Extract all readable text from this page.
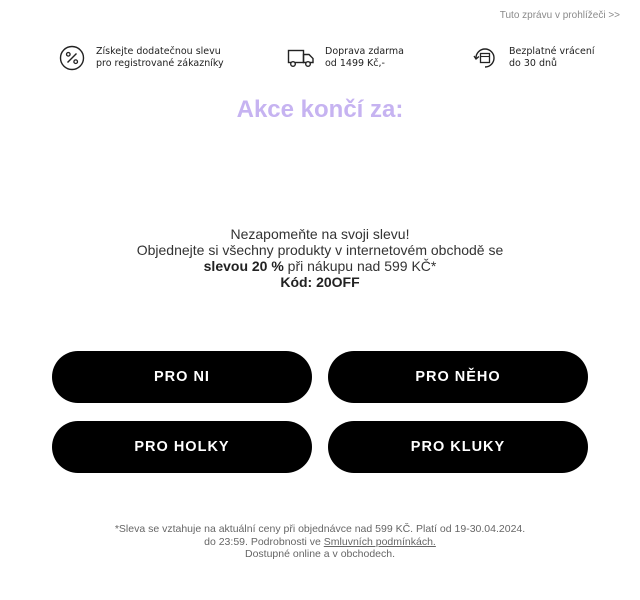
Tuto zprávu v prohlížeči >>
Získejte dodatečnou slevu
pro registrované zákazníky
Doprava zdarma
od 1499 Kč,-
Bezplatné vrácení
do 30 dnů
Akce končí za:
Nezapomeňte na svoji slevu!
Objednejte si všechny produkty v internetovém obchodě se
slevou 20 % při nákupu nad 599 KČ*
Kód: 20OFF
PRO NI	PRO NĚHO
PRO HOLKY	PRO KLUKY
*Sleva se vztahuje na aktuální ceny při objednávce nad 599 KČ. Platí od 19-30.04.2024.
do 23:59. Podrobnosti ve Smluvních podmínkách.
Dostupné online a v obchodech.
